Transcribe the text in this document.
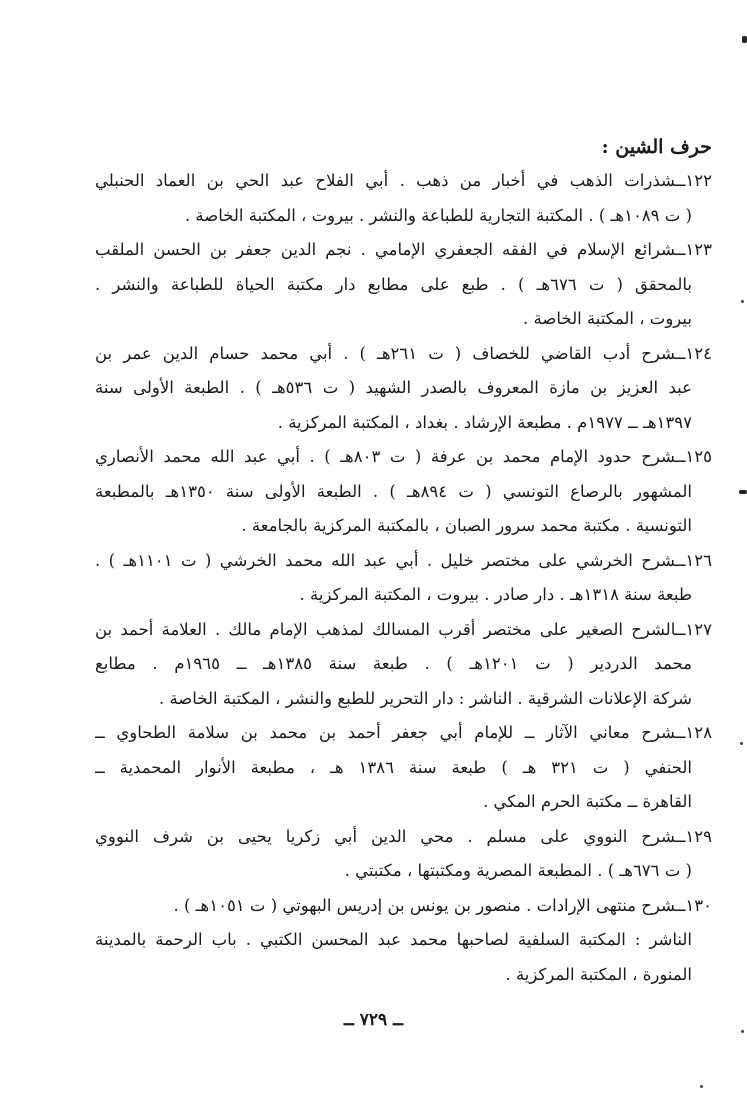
حرف الشين :
١٢٢ــشذرات الذهب في أخبار من ذهب . أبي الفلاح عبد الحي بن العماد الحنبلي
( ت ١٠٨٩هـ ) . المكتبة التجارية للطباعة والنشر . بيروت ، المكتبة الخاصة .
١٢٣ــشرائع الإسلام في الفقه الجعفري الإمامي . نجم الدين جعفر بن الحسن الملقب
بالمحقق ( ت ٦٧٦هـ ) . طبع على مطابع دار مكتبة الحياة للطباعة والنشر .
بيروت ، المكتبة الخاصة .
١٢٤ــشرح أدب القاضي للخصاف ( ت ٢٦١هـ ) . أبي محمد حسام الدين عمر بن
عبد العزيز بن مازة المعروف بالصدر الشهيد ( ت ٥٣٦هـ ) . الطبعة الأولى سنة
١٣٩٧هـ ــ ١٩٧٧م . مطبعة الإرشاد . بغداد ، المكتبة المركزية .
١٢٥ــشرح حدود الإمام محمد بن عرفة ( ت ٨٠٣هـ ) . أبي عبد الله محمد الأنصاري
المشهور بالرصاع التونسي ( ت ٨٩٤هـ ) . الطبعة الأولى سنة ١٣٥٠هـ بالمطبعة
التونسية . مكتبة محمد سرور الصبان ، بالمكتبة المركزية بالجامعة .
١٢٦ــشرح الخرشي على مختصر خليل . أبي عبد الله محمد الخرشي ( ت ١١٠١هـ ) .
طبعة سنة ١٣١٨هـ . دار صادر . بيروت ، المكتبة المركزية .
١٢٧ــالشرح الصغير على مختصر أقرب المسالك لمذهب الإمام مالك . العلامة أحمد بن
محمد الدردير ( ت ١٢٠١هـ ) . طبعة سنة ١٣٨٥هـ ــ ١٩٦٥م . مطابع
شركة الإعلانات الشرقية . الناشر : دار التحرير للطبع والنشر ، المكتبة الخاصة .
١٢٨ــشرح معاني الآثار ــ للإمام أبي جعفر أحمد بن محمد بن سلامة الطحاوي ــ
الحنفي ( ت ٣٢١ هـ ) طبعة سنة ١٣٨٦ هـ ، مطبعة الأنوار المحمدية ــ
القاهرة ــ مكتبة الحرم المكي .
١٢٩ــشرح النووي على مسلم . محي الدين أبي زكريا يحيى بن شرف النووي
( ت ٦٧٦هـ ) . المطبعة المصرية ومكتبتها ، مكتبتي .
١٣٠ــشرح منتهى الإرادات . منصور بن يونس بن إدريس البهوتي ( ت ١٠٥١هـ ) .
الناشر : المكتبة السلفية لصاحبها محمد عبد المحسن الكتبي . باب الرحمة بالمدينة
المنورة ، المكتبة المركزية .
ــ ٧٢٩ ــ
